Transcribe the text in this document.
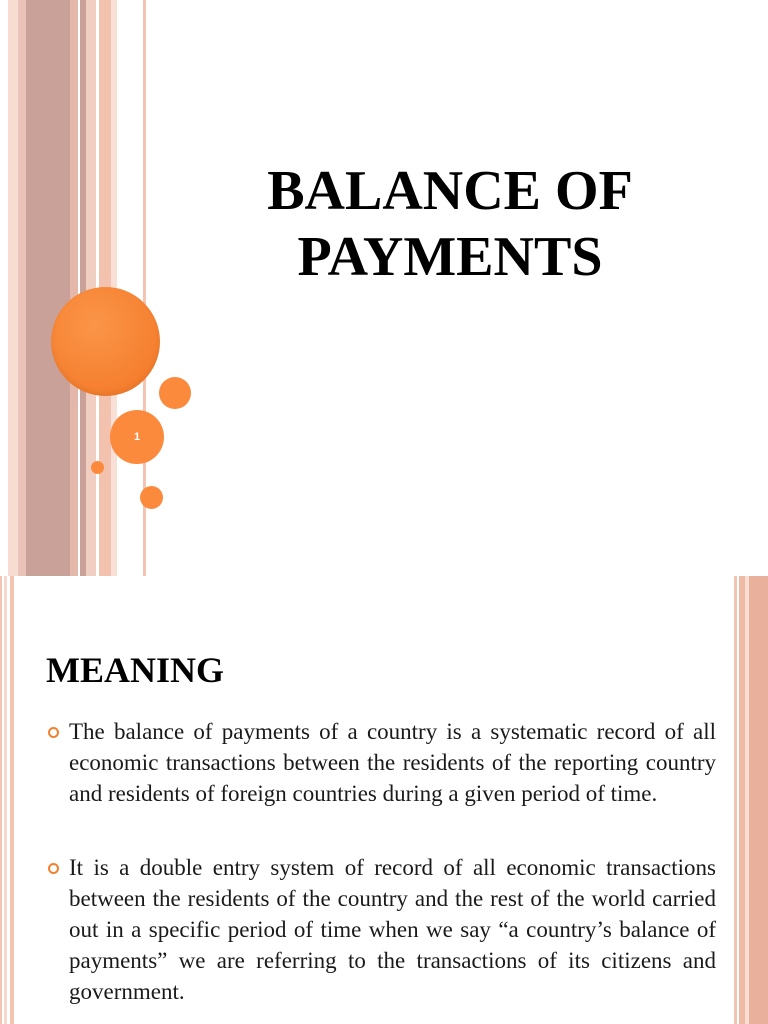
1
BALANCE OF
PAYMENTS
MEANING
The balance of payments of a country is a systematic record of all economic transactions between the residents of the reporting country and residents of foreign countries during a given period of time.
It is a double entry system of record of all economic transactions between the residents of the country and the rest of the world carried out in a specific period of time when we say “a country’s balance of payments” we are referring to the transactions of its citizens and government.
